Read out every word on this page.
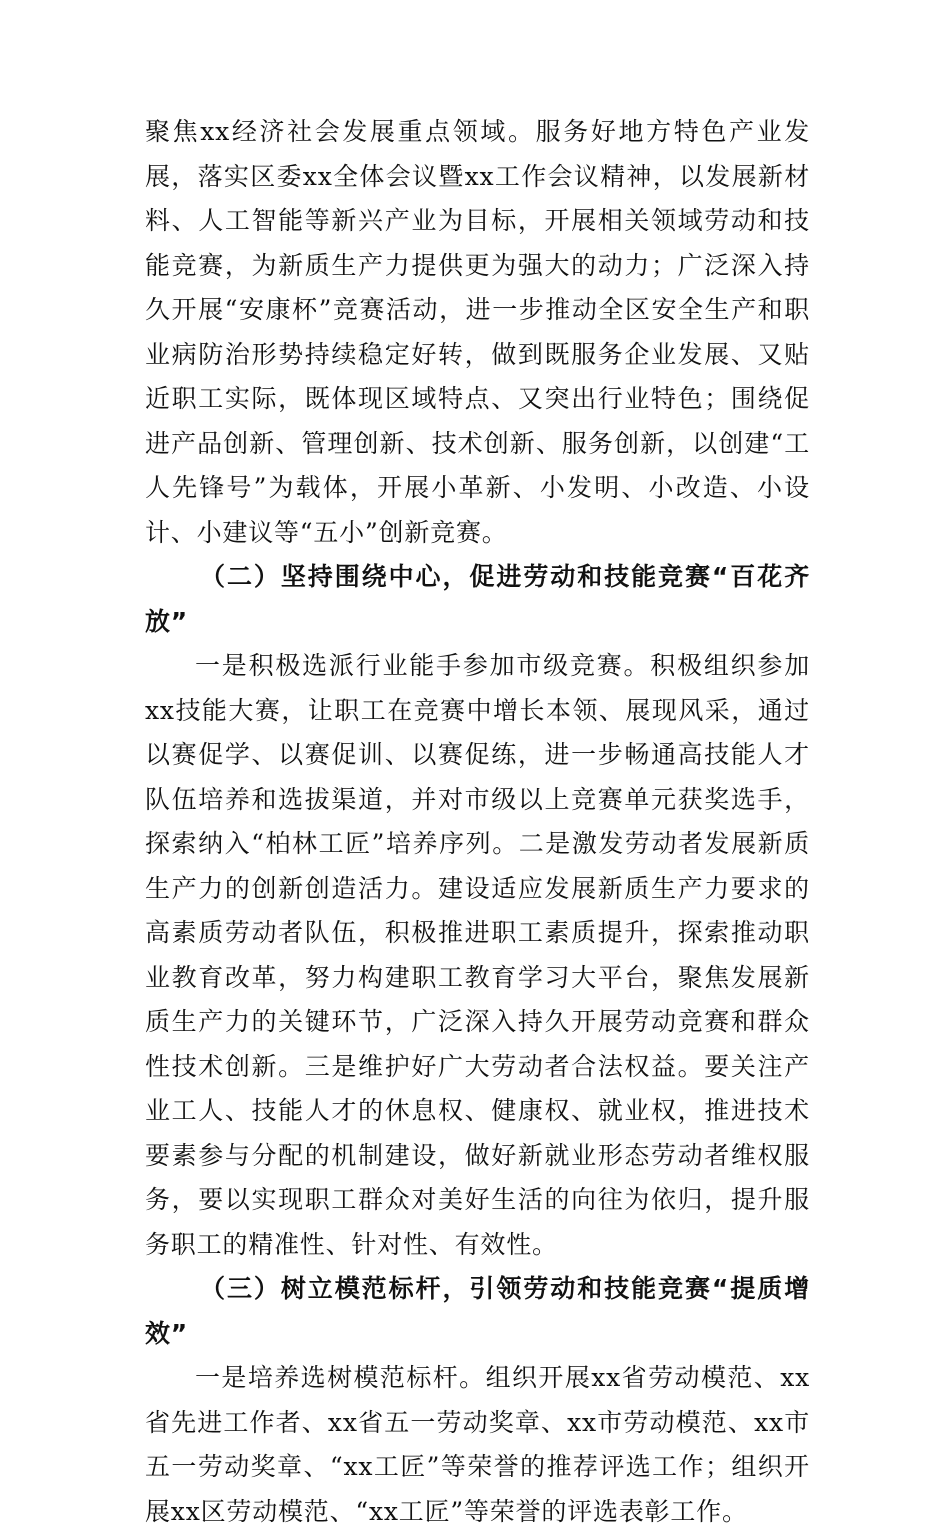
聚焦xx经济社会发展重点领域。服务好地方特色产业发展，落实区委xx全体会议暨xx工作会议精神，以发展新材料、人工智能等新兴产业为目标，开展相关领域劳动和技能竞赛，为新质生产力提供更为强大的动力；广泛深入持久开展“安康杯”竞赛活动，进一步推动全区安全生产和职业病防治形势持续稳定好转，做到既服务企业发展、又贴近职工实际，既体现区域特点、又突出行业特色；围绕促进产品创新、管理创新、技术创新、服务创新，以创建“工人先锋号”为载体，开展小革新、小发明、小改造、小设计、小建议等“五小”创新竞赛。

（二）坚持围绕中心，促进劳动和技能竞赛“百花齐放”

一是积极选派行业能手参加市级竞赛。积极组织参加xx技能大赛，让职工在竞赛中增长本领、展现风采，通过以赛促学、以赛促训、以赛促练，进一步畅通高技能人才队伍培养和选拔渠道，并对市级以上竞赛单元获奖选手，探索纳入“柏林工匠”培养序列。二是激发劳动者发展新质生产力的创新创造活力。建设适应发展新质生产力要求的高素质劳动者队伍，积极推进职工素质提升，探索推动职业教育改革，努力构建职工教育学习大平台，聚焦发展新质生产力的关键环节，广泛深入持久开展劳动竞赛和群众性技术创新。三是维护好广大劳动者合法权益。要关注产业工人、技能人才的休息权、健康权、就业权，推进技术要素参与分配的机制建设，做好新就业形态劳动者维权服务，要以实现职工群众对美好生活的向往为依归，提升服务职工的精准性、针对性、有效性。

（三）树立模范标杆，引领劳动和技能竞赛“提质增效”

一是培养选树模范标杆。组织开展xx省劳动模范、xx省先进工作者、xx省五一劳动奖章、xx市劳动模范、xx市五一劳动奖章、“xx工匠”等荣誉的推荐评选工作；组织开展xx区劳动模范、“xx工匠”等荣誉的评选表彰工作。
